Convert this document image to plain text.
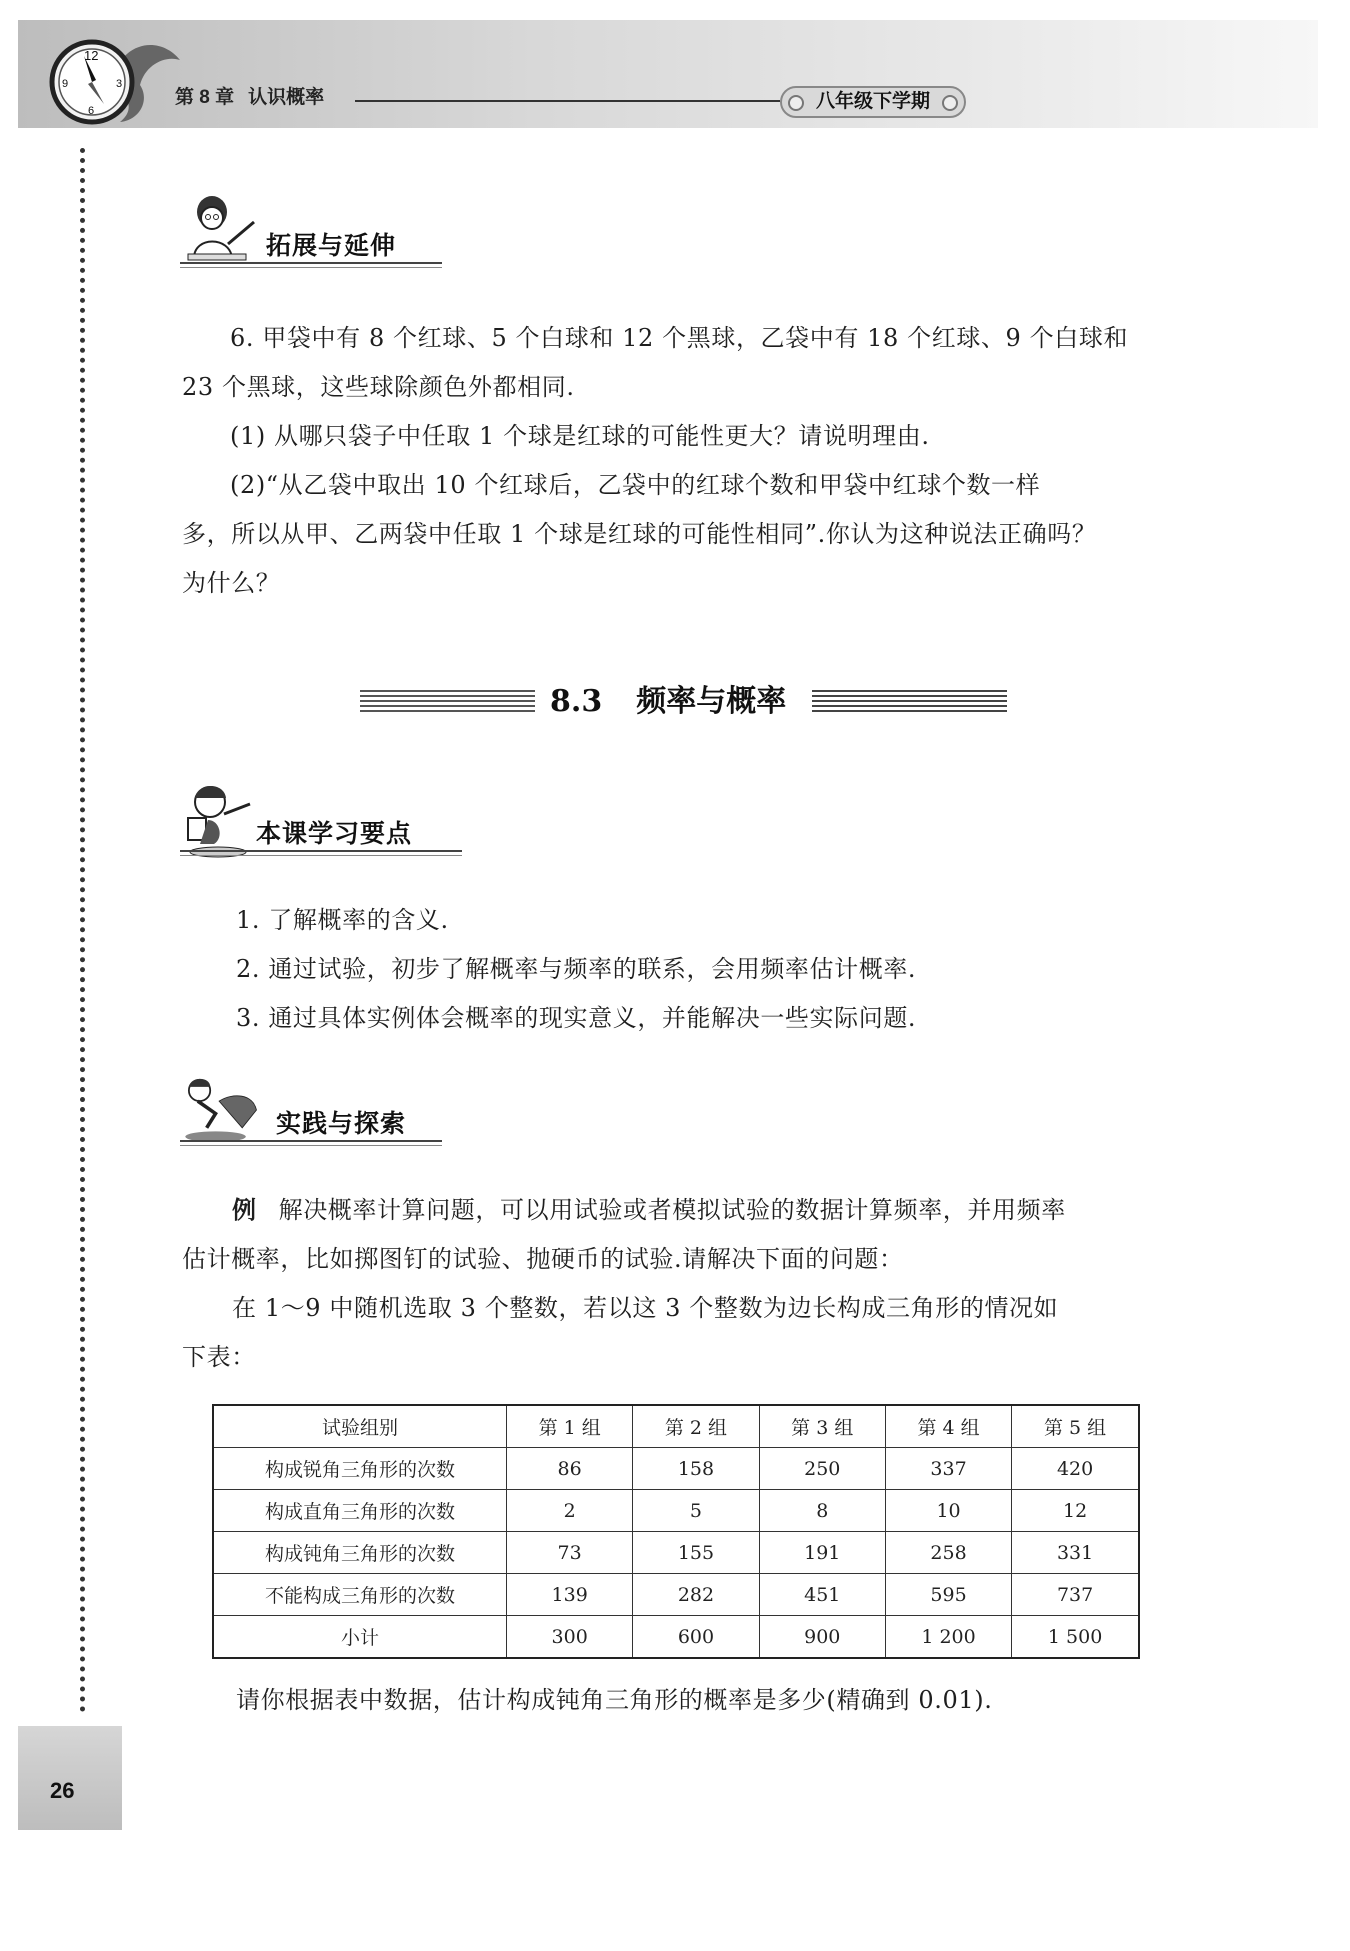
12
3
6
9
第 8 章 认识概率	八年级下学期
拓展与延伸
6. 甲袋中有 8 个红球、5 个白球和 12 个黑球，乙袋中有 18 个红球、9 个白球和
23 个黑球，这些球除颜色外都相同.
(1) 从哪只袋子中任取 1 个球是红球的可能性更大？请说明理由.
(2)“从乙袋中取出 10 个红球后，乙袋中的红球个数和甲袋中红球个数一样
多，所以从甲、乙两袋中任取 1 个球是红球的可能性相同”.你认为这种说法正确吗？
为什么？
8.3 频率与概率
本课学习要点
1. 了解概率的含义.
2. 通过试验，初步了解概率与频率的联系，会用频率估计概率.
3. 通过具体实例体会概率的现实意义，并能解决一些实际问题.
实践与探索
例 解决概率计算问题，可以用试验或者模拟试验的数据计算频率，并用频率
估计概率，比如掷图钉的试验、抛硬币的试验.请解决下面的问题：
在 1～9 中随机选取 3 个整数，若以这 3 个整数为边长构成三角形的情况如
下表：
试验组别	第 1 组	第 2 组	第 3 组	第 4 组	第 5 组
构成锐角三角形的次数	86	158	250	337	420
构成直角三角形的次数	2	5	8	10	12
构成钝角三角形的次数	73	155	191	258	331
不能构成三角形的次数	139	282	451	595	737
小计	300	600	900	1 200	1 500
请你根据表中数据，估计构成钝角三角形的概率是多少(精确到 0.01).
26
